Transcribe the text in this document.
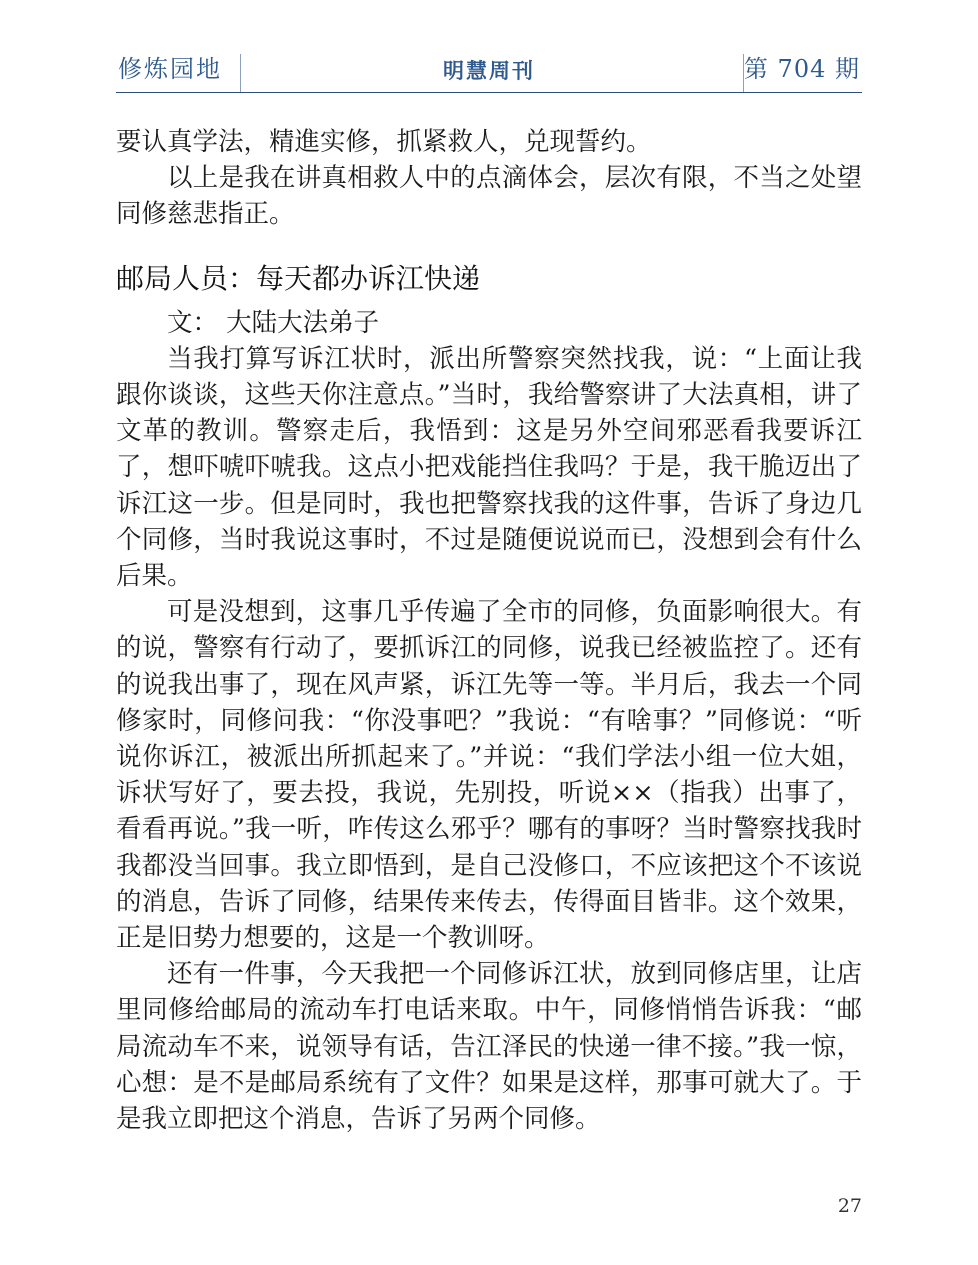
修炼园地	明慧周刊	第 704 期

要认真学法，精進实修，抓紧救人，兑现誓约。

以上是我在讲真相救人中的点滴体会，层次有限，不当之处望同修慈悲指正。

邮局人员：每天都办诉江快递

文： 大陆大法弟子

当我打算写诉江状时，派出所警察突然找我，说：“上面让我跟你谈谈，这些天你注意点。”当时，我给警察讲了大法真相，讲了文革的教训。警察走后，我悟到：这是另外空间邪恶看我要诉江了，想吓唬吓唬我。这点小把戏能挡住我吗？于是，我干脆迈出了诉江这一步。但是同时，我也把警察找我的这件事，告诉了身边几个同修，当时我说这事时，不过是随便说说而已，没想到会有什么后果。

可是没想到，这事几乎传遍了全市的同修，负面影响很大。有的说，警察有行动了，要抓诉江的同修，说我已经被监控了。还有的说我出事了，现在风声紧，诉江先等一等。半月后，我去一个同修家时，同修问我：“你没事吧？”我说：“有啥事？”同修说：“听说你诉江，被派出所抓起来了。”并说：“我们学法小组一位大姐，诉状写好了，要去投，我说，先别投，听说××（指我）出事了，看看再说。”我一听，咋传这么邪乎？哪有的事呀？当时警察找我时我都没当回事。我立即悟到，是自己没修口，不应该把这个不该说的消息，告诉了同修，结果传来传去，传得面目皆非。这个效果，正是旧势力想要的，这是一个教训呀。

还有一件事，今天我把一个同修诉江状，放到同修店里，让店里同修给邮局的流动车打电话来取。中午，同修悄悄告诉我：“邮局流动车不来，说领导有话，告江泽民的快递一律不接。”我一惊，心想：是不是邮局系统有了文件？如果是这样，那事可就大了。于是我立即把这个消息，告诉了另两个同修。

27
